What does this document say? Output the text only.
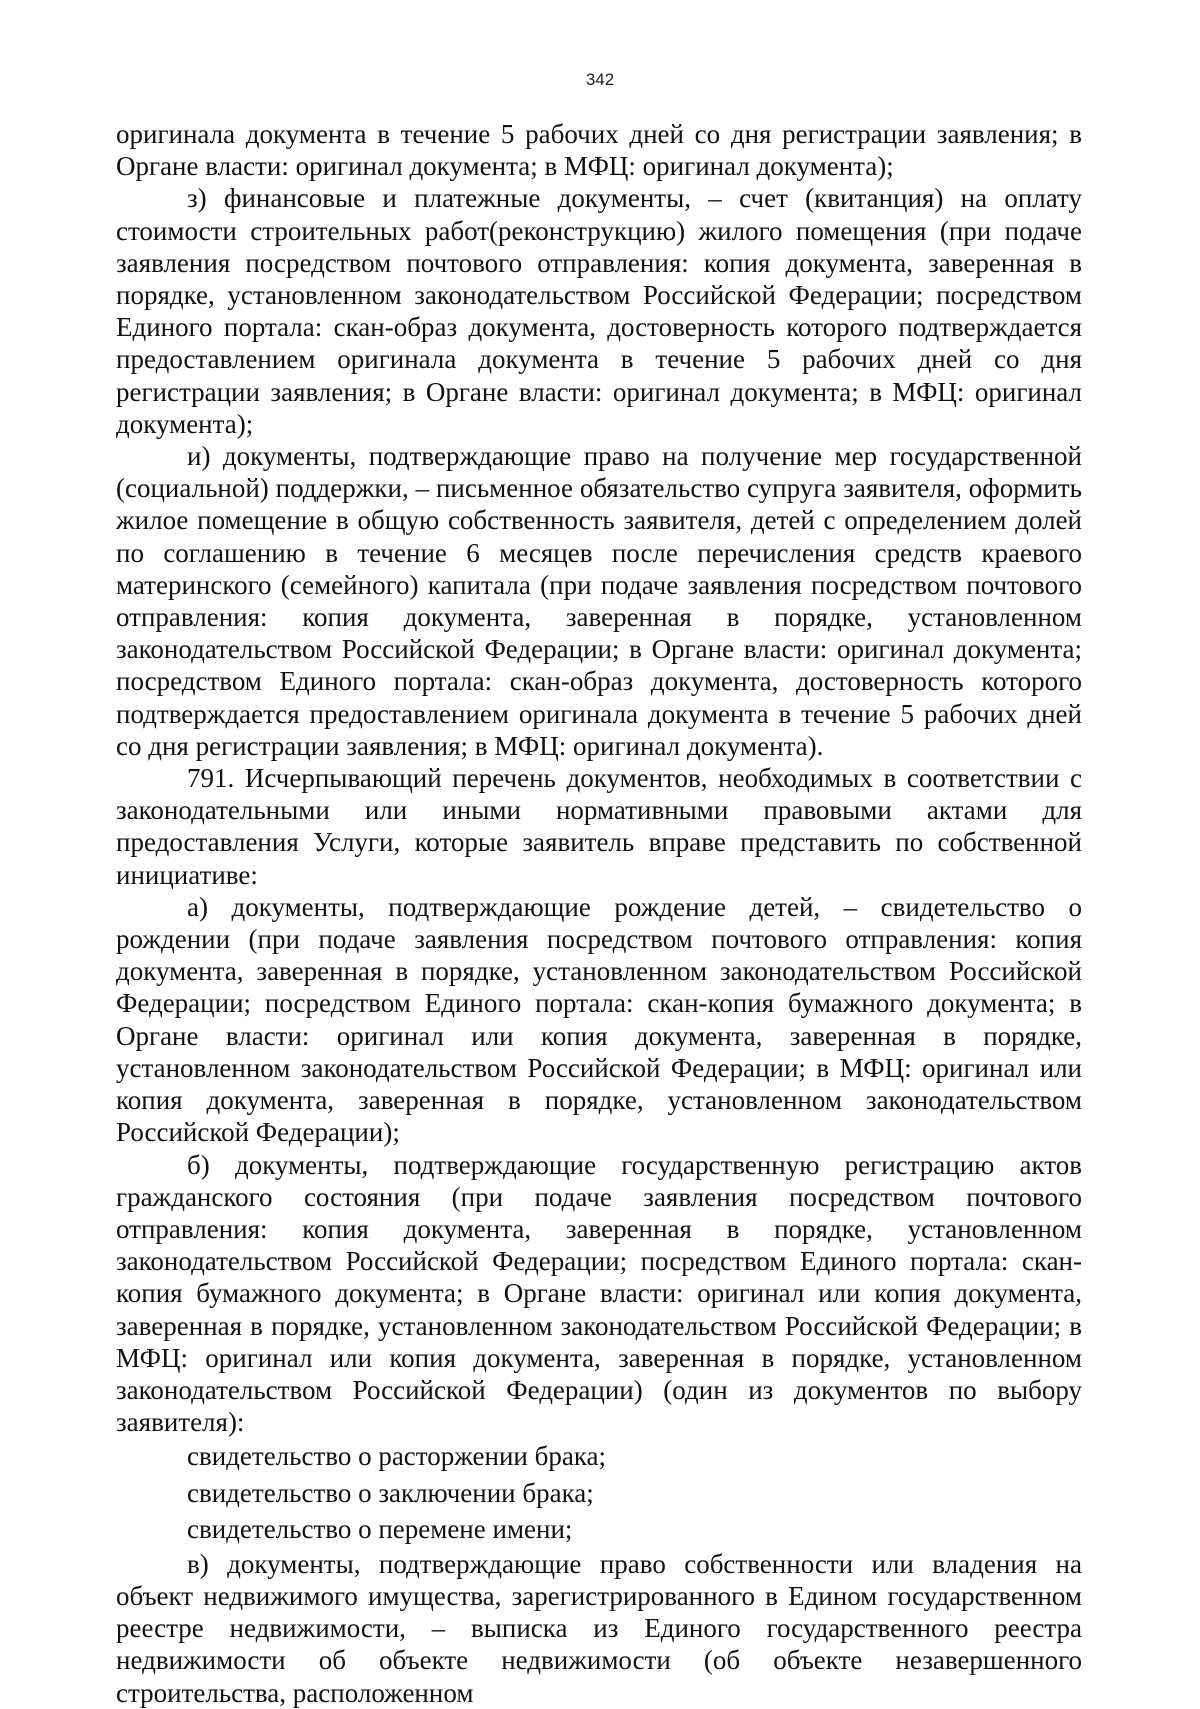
342

оригинала документа в течение 5 рабочих дней со дня регистрации заявления; в Органе власти: оригинал документа; в МФЦ: оригинал документа);

з) финансовые и платежные документы, – счет (квитанция) на оплату стоимости строительных работ(реконструкцию) жилого помещения (при подаче заявления посредством почтового отправления: копия документа, заверенная в порядке, установленном законодательством Российской Федерации; посредством Единого портала: скан-образ документа, достоверность которого подтверждается предоставлением оригинала документа в течение 5 рабочих дней со дня регистрации заявления; в Органе власти: оригинал документа; в МФЦ: оригинал документа);

и) документы, подтверждающие право на получение мер государственной (социальной) поддержки, – письменное обязательство супруга заявителя, оформить жилое помещение в общую собственность заявителя, детей с определением долей по соглашению в течение 6 месяцев после перечисления средств краевого материнского (семейного) капитала (при подаче заявления посредством почтового отправления: копия документа, заверенная в порядке, установленном законодательством Российской Федерации; в Органе власти: оригинал документа; посредством Единого портала: скан-образ документа, достоверность которого подтверждается предоставлением оригинала документа в течение 5 рабочих дней со дня регистрации заявления; в МФЦ: оригинал документа).

791. Исчерпывающий перечень документов, необходимых в соответствии с законодательными или иными нормативными правовыми актами для предоставления Услуги, которые заявитель вправе представить по собственной инициативе:

а) документы, подтверждающие рождение детей, – свидетельство о рождении (при подаче заявления посредством почтового отправления: копия документа, заверенная в порядке, установленном законодательством Российской Федерации; посредством Единого портала: скан-копия бумажного документа; в Органе власти: оригинал или копия документа, заверенная в порядке, установленном законодательством Российской Федерации; в МФЦ: оригинал или копия документа, заверенная в порядке, установленном законодательством Российской Федерации);

б) документы, подтверждающие государственную регистрацию актов гражданского состояния (при подаче заявления посредством почтового отправления: копия документа, заверенная в порядке, установленном законодательством Российской Федерации; посредством Единого портала: скан-копия бумажного документа; в Органе власти: оригинал или копия документа, заверенная в порядке, установленном законодательством Российской Федерации; в МФЦ: оригинал или копия документа, заверенная в порядке, установленном законодательством Российской Федерации) (один из документов по выбору заявителя):

свидетельство о расторжении брака;

свидетельство о заключении брака;

свидетельство о перемене имени;

в) документы, подтверждающие право собственности или владения на объект недвижимого имущества, зарегистрированного в Едином государственном реестре недвижимости, – выписка из Единого государственного реестра недвижимости об объекте недвижимости (об объекте незавершенного строительства, расположенном
